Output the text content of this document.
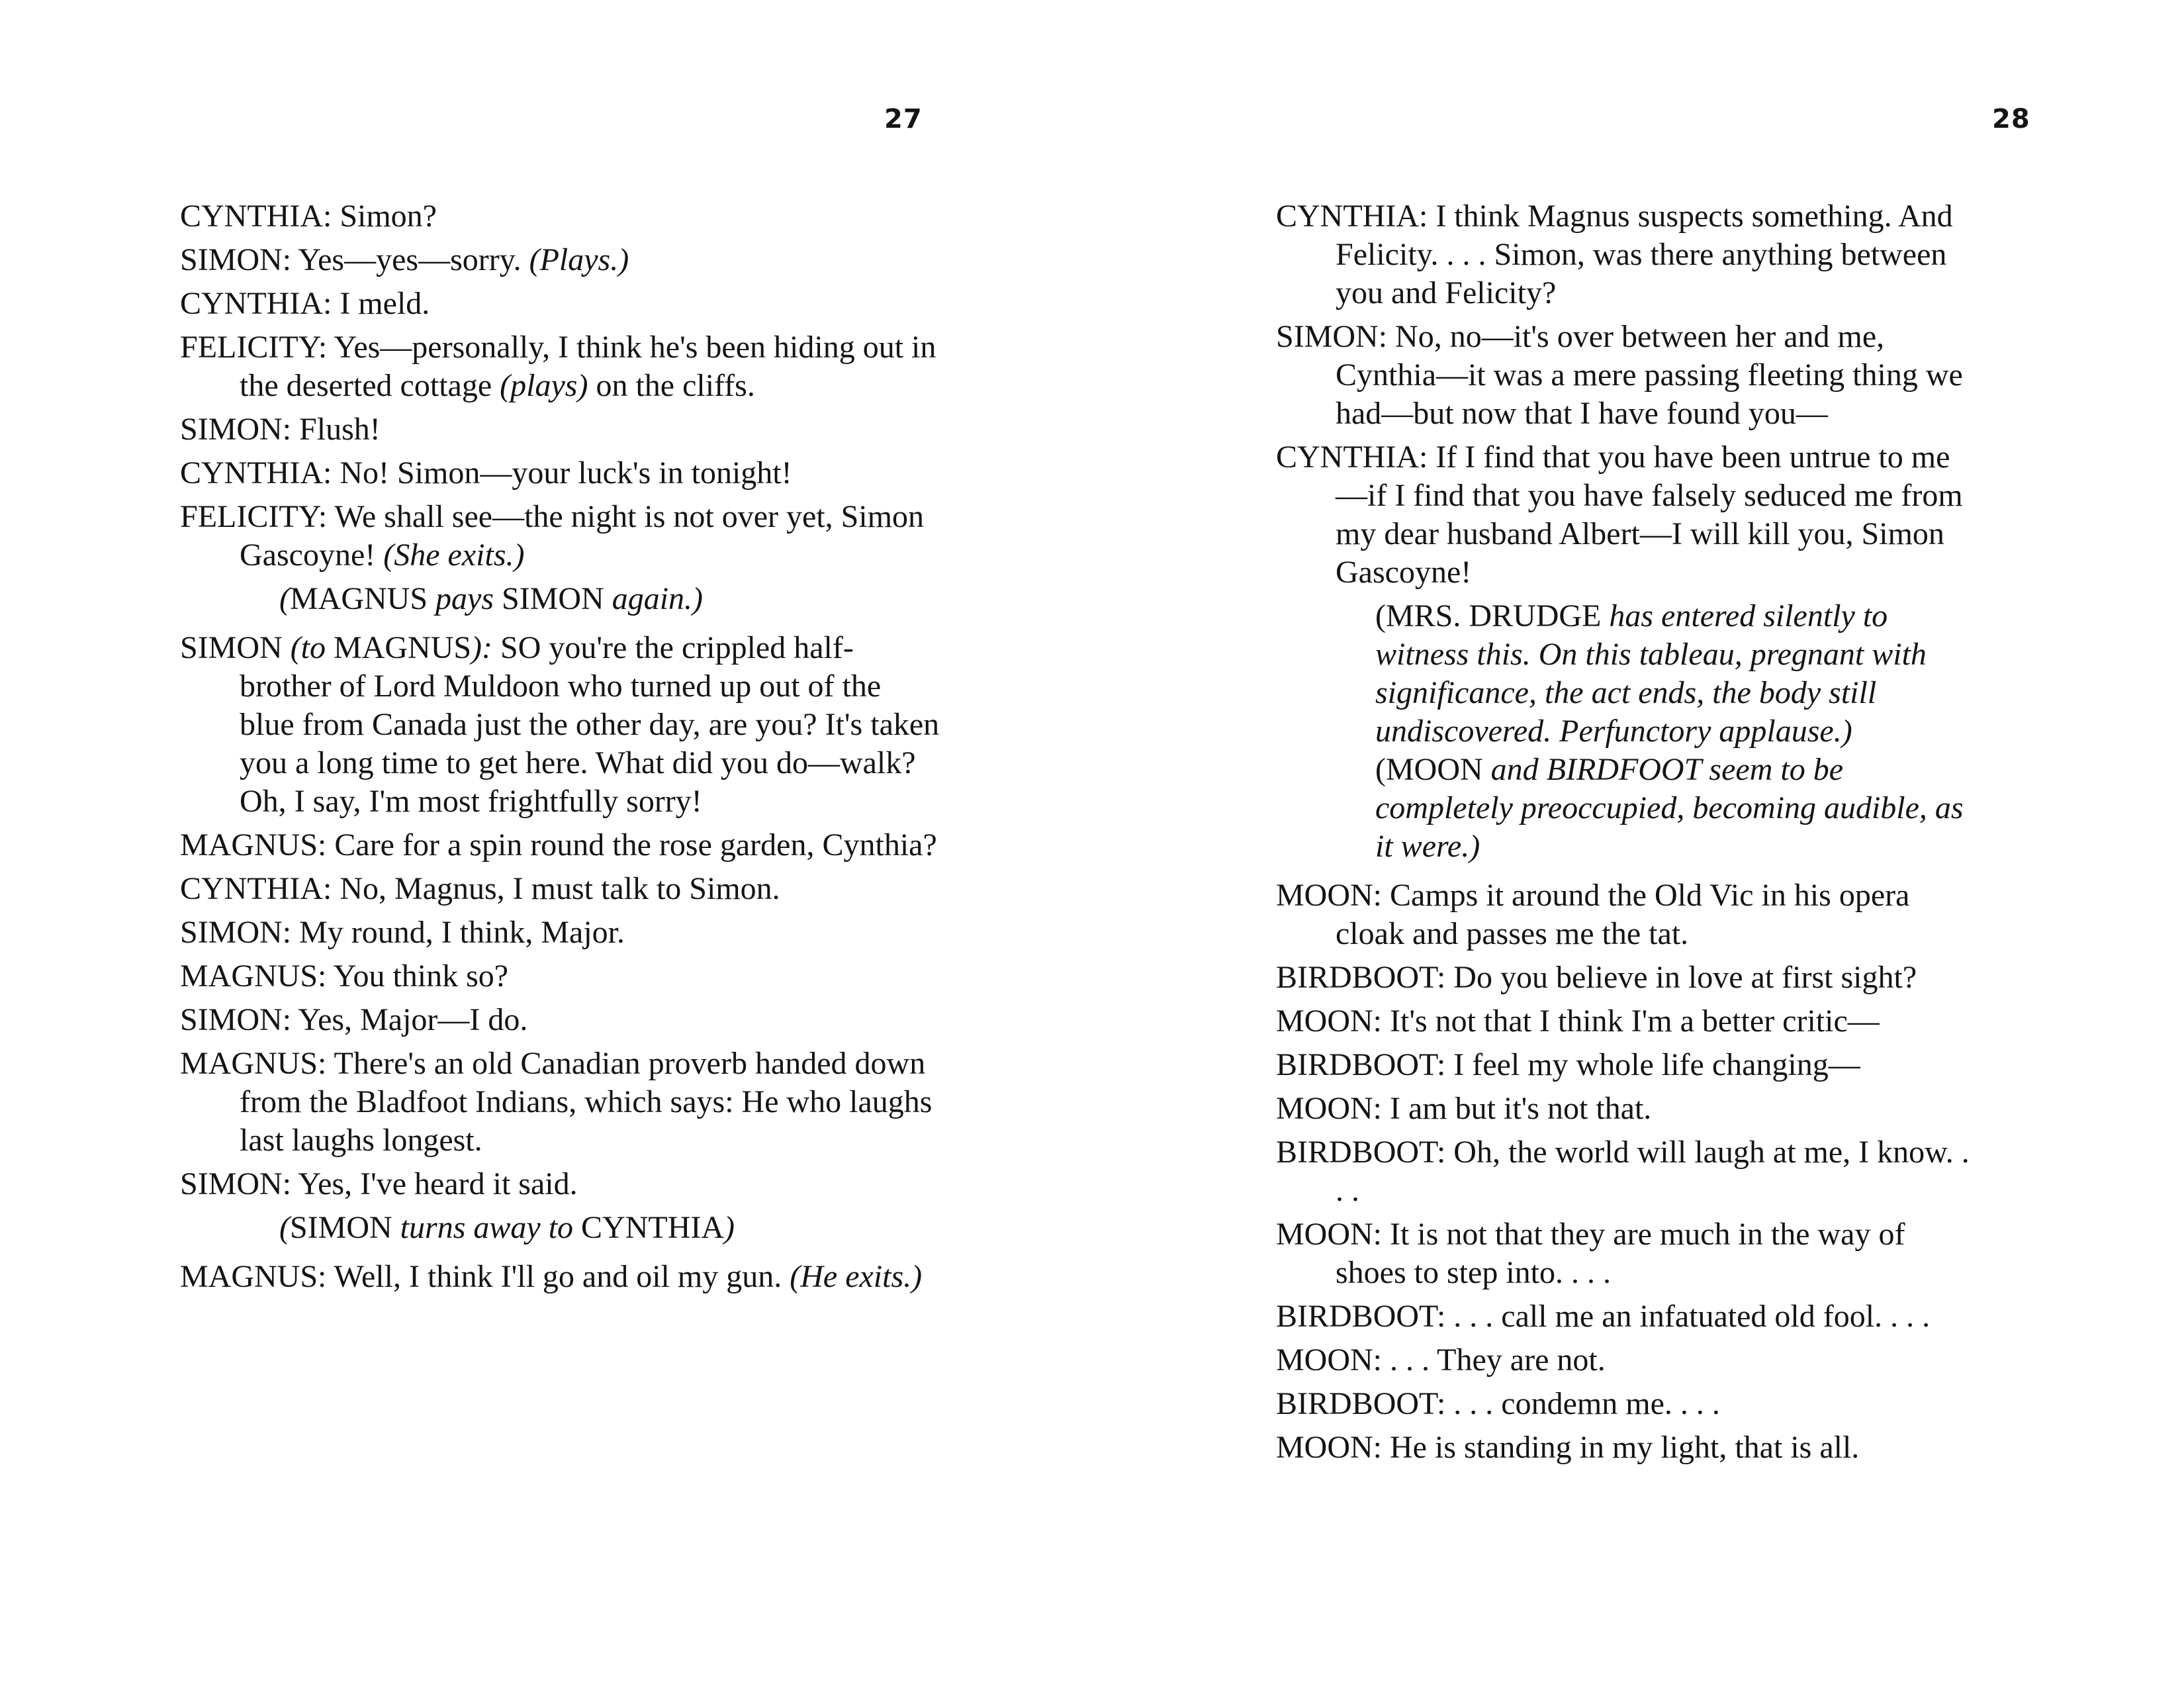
27

CYNTHIA: Simon?

SIMON: Yes—yes—sorry. (Plays.)

CYNTHIA: I meld.

FELICITY: Yes—personally, I think he's been hiding out in the deserted cottage (plays) on the cliffs.

SIMON: Flush!

CYNTHIA: No! Simon—your luck's in tonight!

FELICITY: We shall see—the night is not over yet, Simon Gascoyne! (She exits.)

(MAGNUS pays SIMON again.)

SIMON (to MAGNUS): SO you're the crippled half-brother of Lord Muldoon who turned up out of the blue from Canada just the other day, are you? It's taken you a long time to get here. What did you do—walk? Oh, I say, I'm most frightfully sorry!

MAGNUS: Care for a spin round the rose garden, Cynthia?

CYNTHIA: No, Magnus, I must talk to Simon.

SIMON: My round, I think, Major.

MAGNUS: You think so?

SIMON: Yes, Major—I do.

MAGNUS: There's an old Canadian proverb handed down from the Bladfoot Indians, which says: He who laughs last laughs longest.

SIMON: Yes, I've heard it said.

(SIMON turns away to CYNTHIA)

MAGNUS: Well, I think I'll go and oil my gun. (He exits.)

28

CYNTHIA: I think Magnus suspects something. And Felicity. . . . Simon, was there anything between you and Felicity?

SIMON: No, no—it's over between her and me, Cynthia—it was a mere passing fleeting thing we had—but now that I have found you—

CYNTHIA: If I find that you have been untrue to me—if I find that you have falsely seduced me from my dear husband Albert—I will kill you, Simon Gascoyne!

(MRS. DRUDGE has entered silently to witness this. On this tableau, pregnant with significance, the act ends, the body still undiscovered. Perfunctory applause.)
(MOON and BIRDFOOT seem to be completely preoccupied, becoming audible, as it were.)

MOON: Camps it around the Old Vic in his opera cloak and passes me the tat.

BIRDBOOT: Do you believe in love at first sight?

MOON: It's not that I think I'm a better critic—

BIRDBOOT: I feel my whole life changing—

MOON: I am but it's not that.

BIRDBOOT: Oh, the world will laugh at me, I know. . . .

MOON: It is not that they are much in the way of shoes to step into. . . .

BIRDBOOT: . . . call me an infatuated old fool. . . .

MOON: . . . They are not.

BIRDBOOT: . . . condemn me. . . .

MOON: He is standing in my light, that is all.
